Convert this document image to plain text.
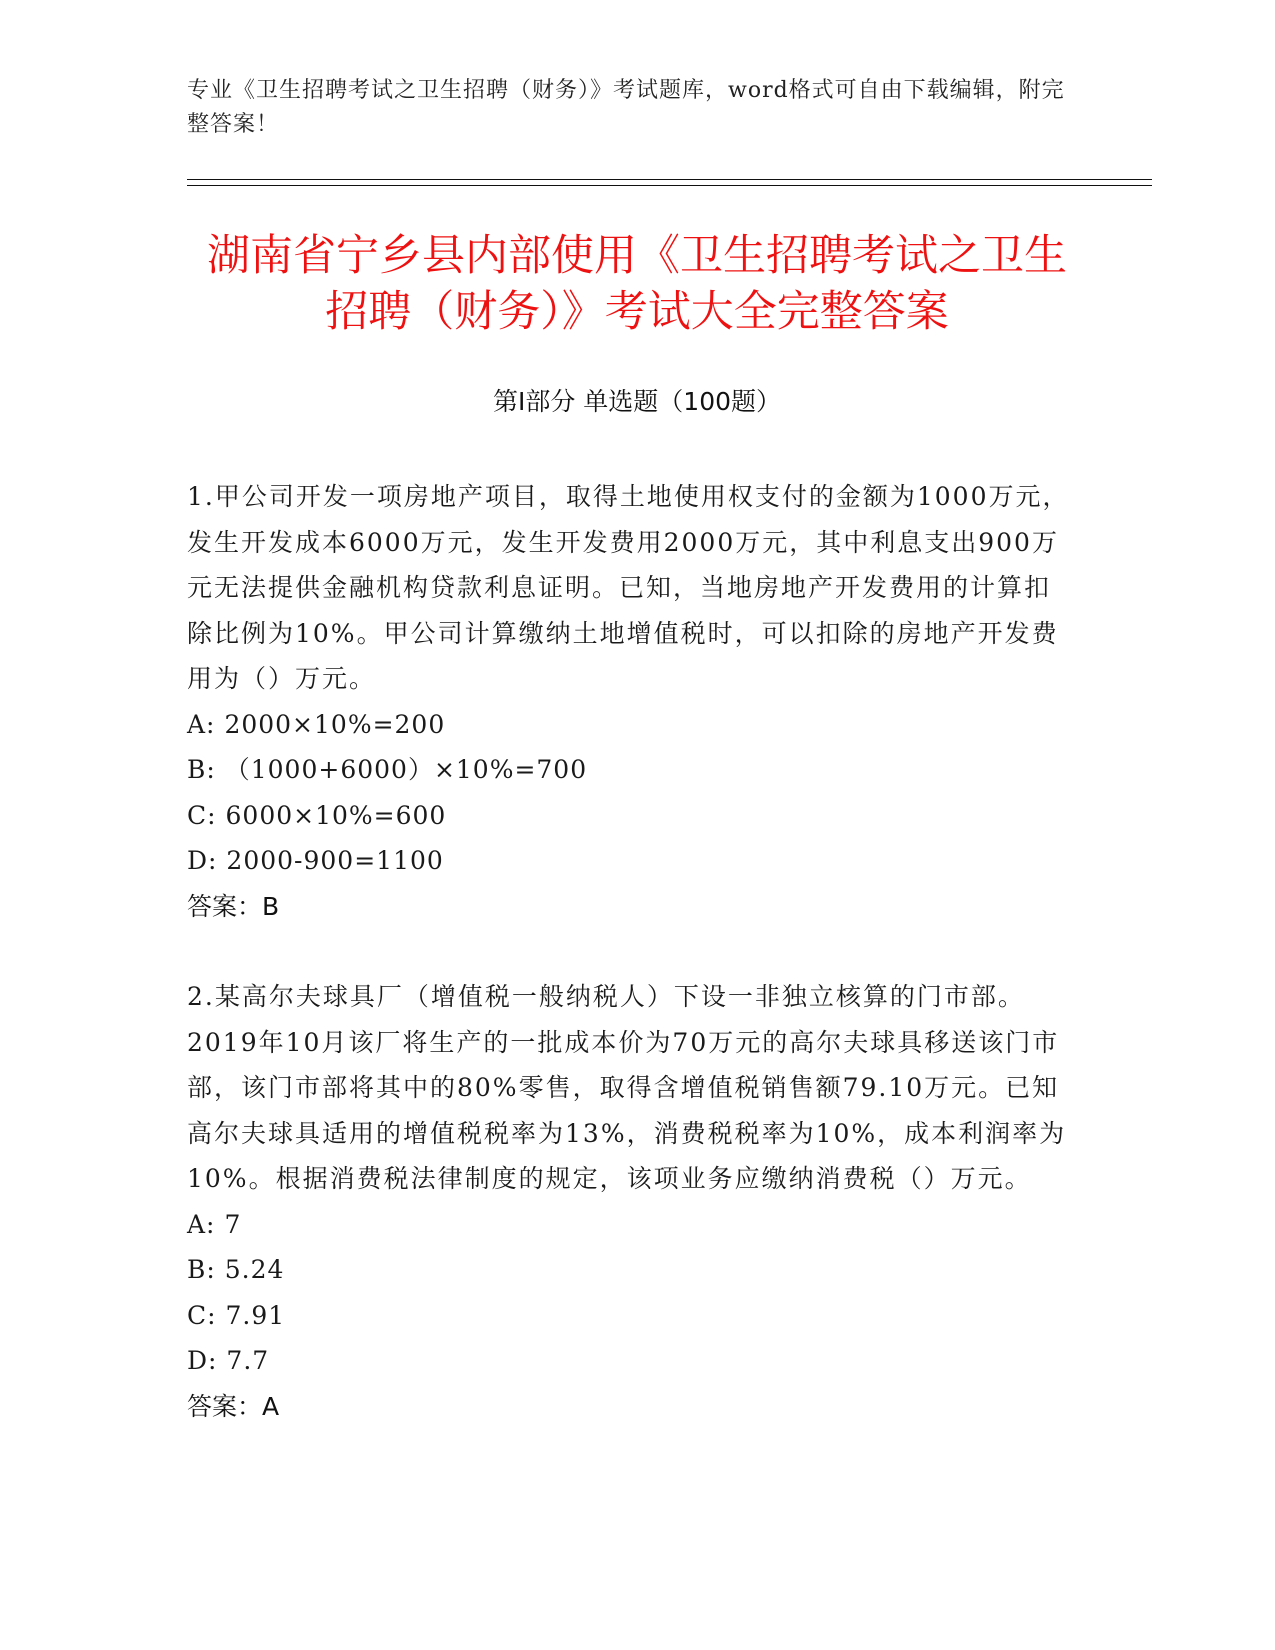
专业《卫生招聘考试之卫生招聘（财务）》考试题库，word格式可自由下载编辑，附完整答案！
湖南省宁乡县内部使用《卫生招聘考试之卫生招聘（财务）》考试大全完整答案
第Ⅰ部分 单选题（100题）

1.甲公司开发一项房地产项目，取得土地使用权支付的金额为1000万元，发生开发成本6000万元，发生开发费用2000万元，其中利息支出900万元无法提供金融机构贷款利息证明。已知，当地房地产开发费用的计算扣除比例为10%。甲公司计算缴纳土地增值税时，可以扣除的房地产开发费用为（）万元。

A: 2000×10%=200

B: （1000+6000）×10%=700

C: 6000×10%=600

D: 2000-900=1100

答案：B

2.某高尔夫球具厂（增值税一般纳税人）下设一非独立核算的门市部。2019年10月该厂将生产的一批成本价为70万元的高尔夫球具移送该门市部，该门市部将其中的80%零售，取得含增值税销售额79.10万元。已知高尔夫球具适用的增值税税率为13%，消费税税率为10%，成本利润率为10%。根据消费税法律制度的规定，该项业务应缴纳消费税（）万元。

A: 7

B: 5.24

C: 7.91

D: 7.7

答案：A
